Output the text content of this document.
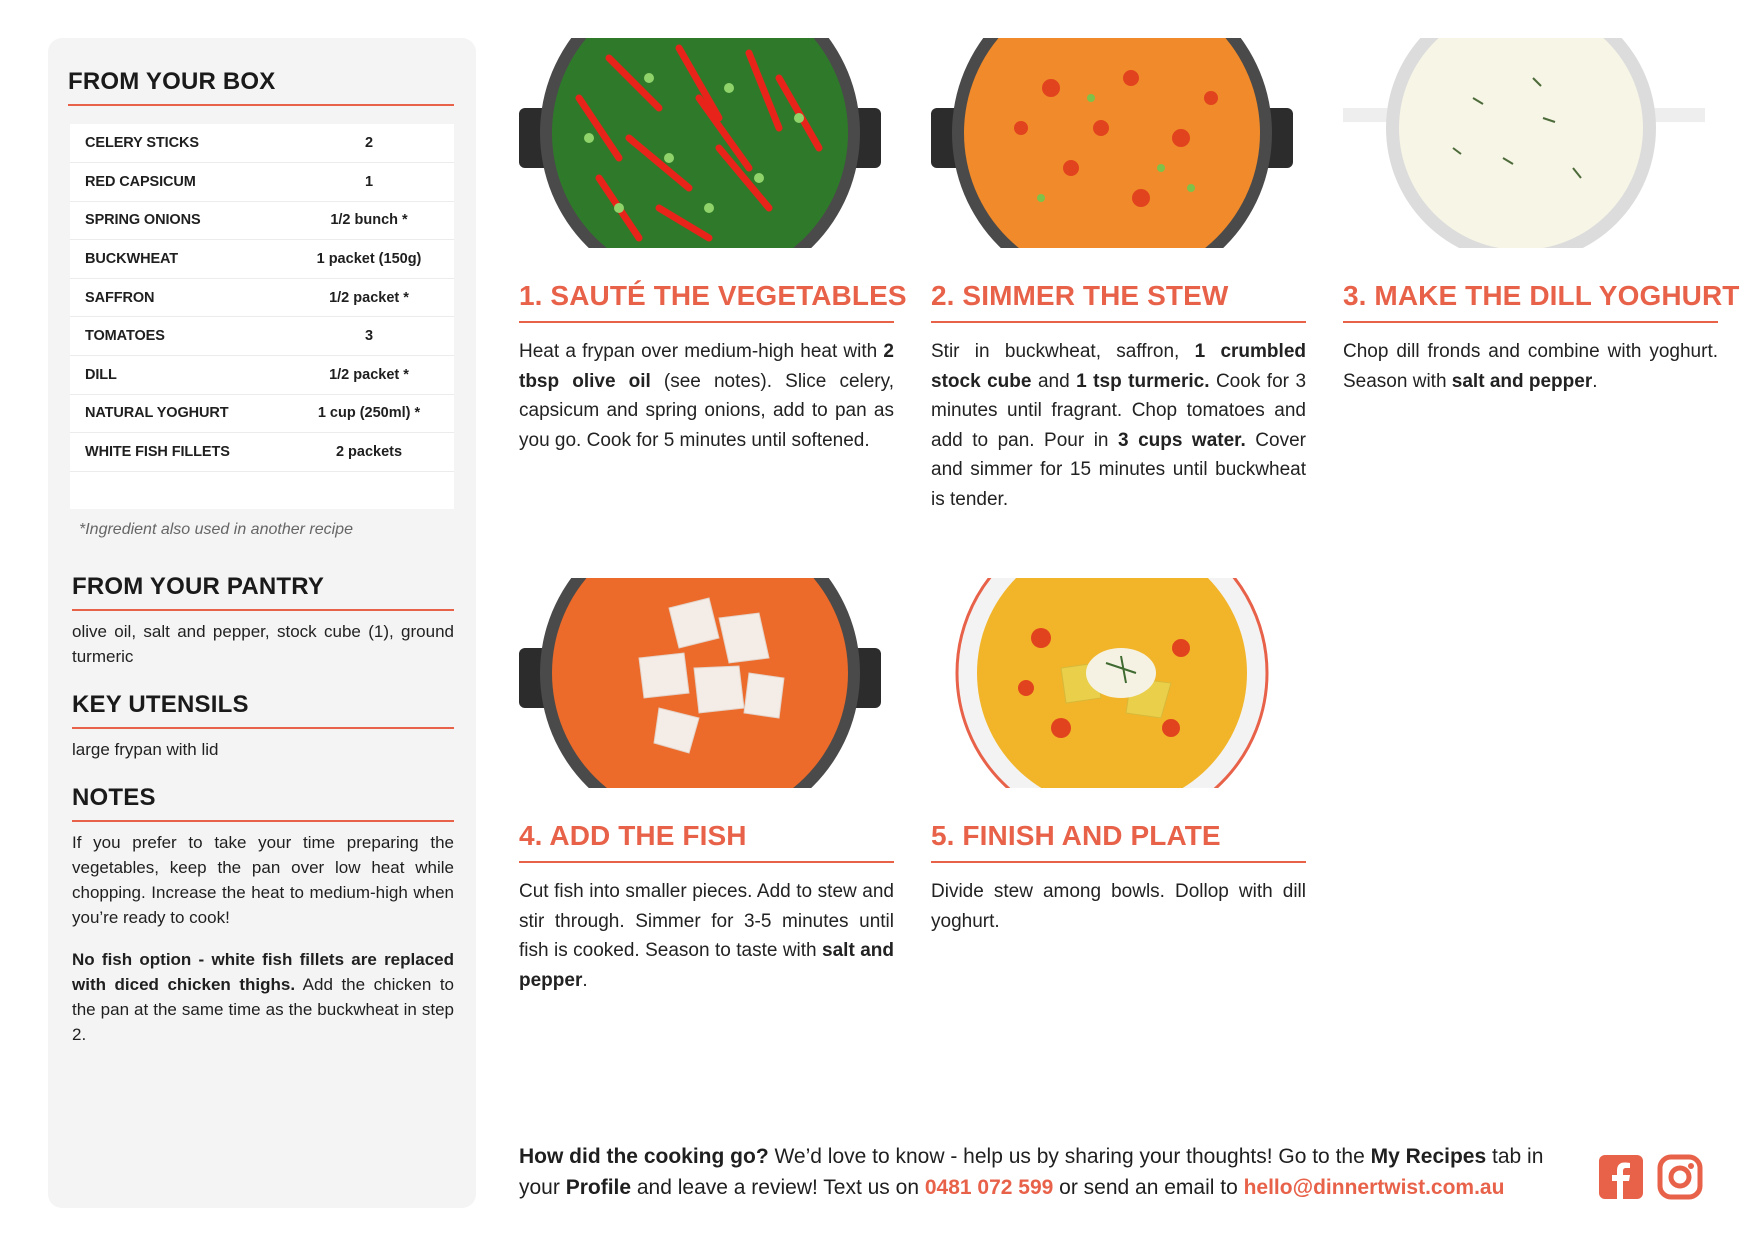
FROM YOUR BOX
CELERY STICKS	2
RED CAPSICUM	1
SPRING ONIONS	1/2 bunch *
BUCKWHEAT	1 packet (150g)
SAFFRON	1/2 packet *
TOMATOES	3
DILL	1/2 packet *
NATURAL YOGHURT	1 cup (250ml) *
WHITE FISH FILLETS	2 packets

*Ingredient also used in another recipe
FROM YOUR PANTRY
olive oil, salt and pepper, stock cube (1), ground turmeric
KEY UTENSILS
large frypan with lid
NOTES
If you prefer to take your time preparing the vegetables, keep the pan over low heat while chopping. Increase the heat to medium-high when you’re ready to cook!
No fish option - white fish fillets are replaced with diced chicken thighs. Add the chicken to the pan at the same time as the buckwheat in step 2.
1. SAUTÉ THE VEGETABLES
Heat a frypan over medium-high heat with 2 tbsp olive oil (see notes). Slice celery, capsicum and spring onions, add to pan as you go. Cook for 5 minutes until softened.
2. SIMMER THE STEW
Stir in buckwheat, saffron, 1 crumbled stock cube and 1 tsp turmeric. Cook for 3 minutes until fragrant. Chop tomatoes and add to pan. Pour in 3 cups water. Cover and simmer for 15 minutes until buckwheat is tender.
3. MAKE THE DILL YOGHURT
Chop dill fronds and combine with yoghurt. Season with salt and pepper.
4. ADD THE FISH
Cut fish into smaller pieces. Add to stew and stir through. Simmer for 3-5 minutes until fish is cooked. Season to taste with salt and pepper.
5. FINISH AND PLATE
Divide stew among bowls. Dollop with dill yoghurt.
How did the cooking go? We’d love to know - help us by sharing your thoughts! Go to the My Recipes tab in your Profile and leave a review! Text us on 0481 072 599 or send an email to hello@dinnertwist.com.au
